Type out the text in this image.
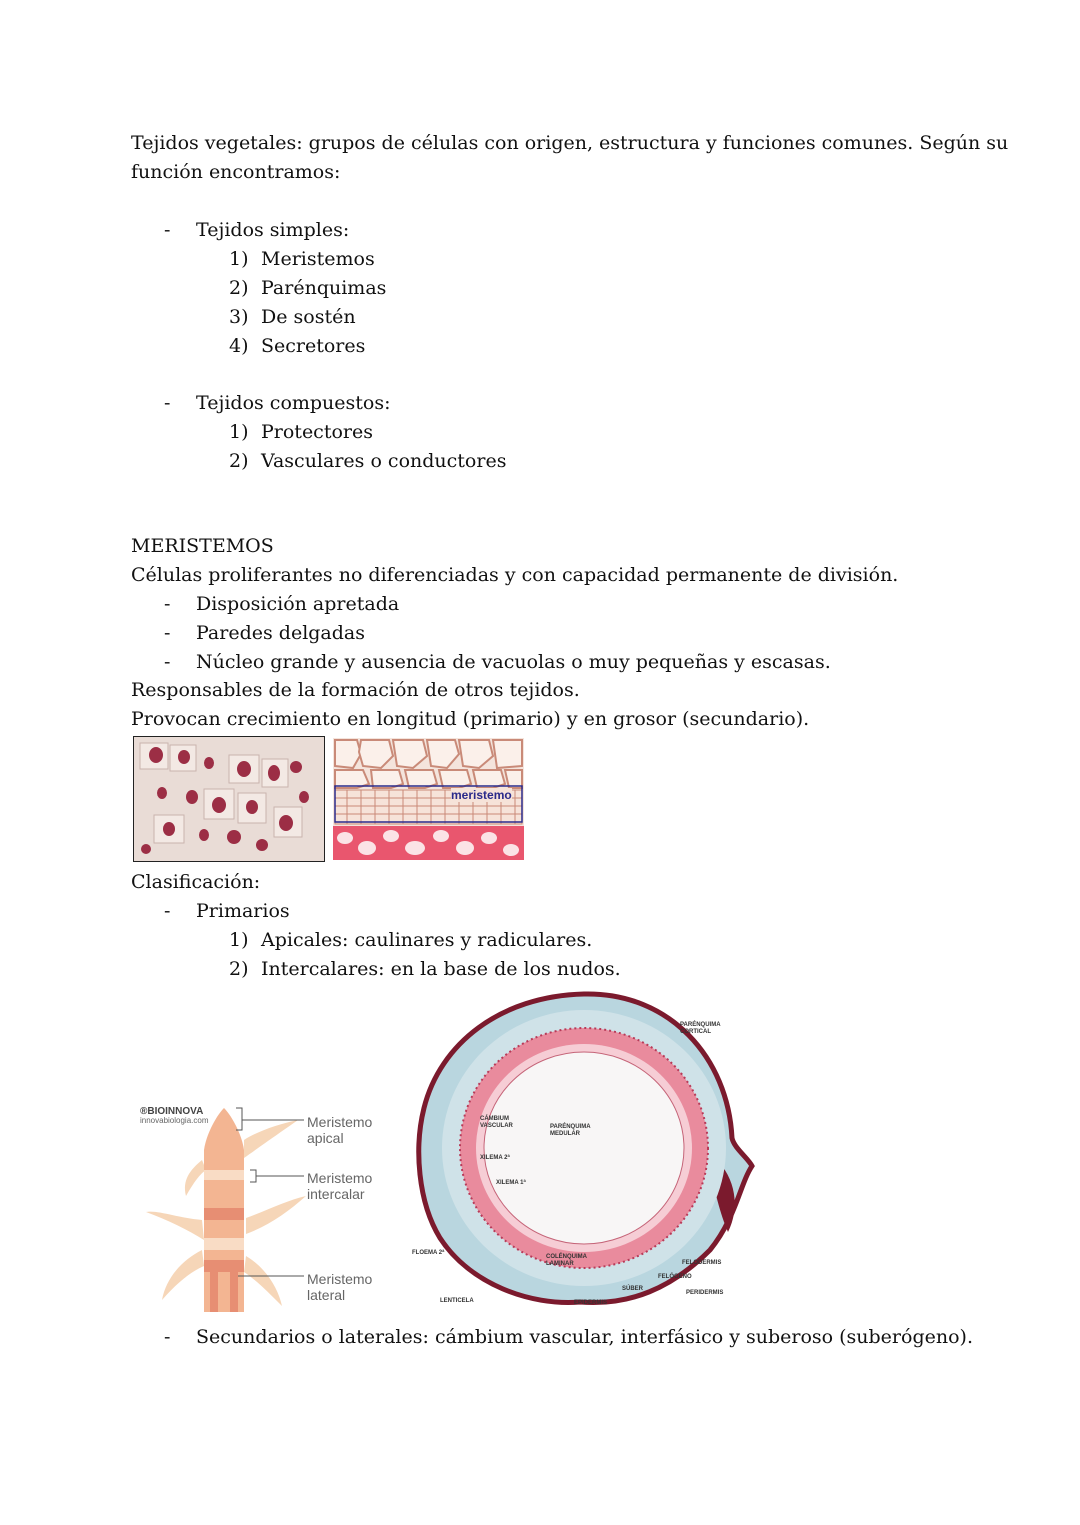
Tejidos vegetales: grupos de células con origen, estructura y funciones comunes. Según su
función encontramos:
- Tejidos simples:
1) Meristemos
2) Parénquimas
3) De sostén
4) Secretores
- Tejidos compuestos:
1) Protectores
2) Vasculares o conductores
MERISTEMOS
Células proliferantes no diferenciadas y con capacidad permanente de división.
- Disposición apretada
- Paredes delgadas
- Núcleo grande y ausencia de vacuolas o muy pequeñas y escasas.
Responsables de la formación de otros tejidos.
Provocan crecimiento en longitud (primario) y en grosor (secundario).
meristemo
Clasificación:
- Primarios
1) Apicales: caulinares y radiculares.
2) Intercalares: en la base de los nudos.
®BIOINNOVA
innovabiologia.com	Meristemo
apical
Meristemo
intercalar
Meristemo
lateral
PARÉNQUIMA
CORTICAL
CÁMBIUM
VASCULAR	PARÉNQUIMA
MEDULAR
XILEMA 2ª
XILEMA 1ª
FLOEMA 2ª
COLÉNQUIMA
LAMINAR	FELODERMIS
FELÓGENO
SÚBER
PERIDERMIS
EPIDERMIS
LENTICELA
- Secundarios o laterales: cámbium vascular, interfásico y suberoso (suberógeno).
